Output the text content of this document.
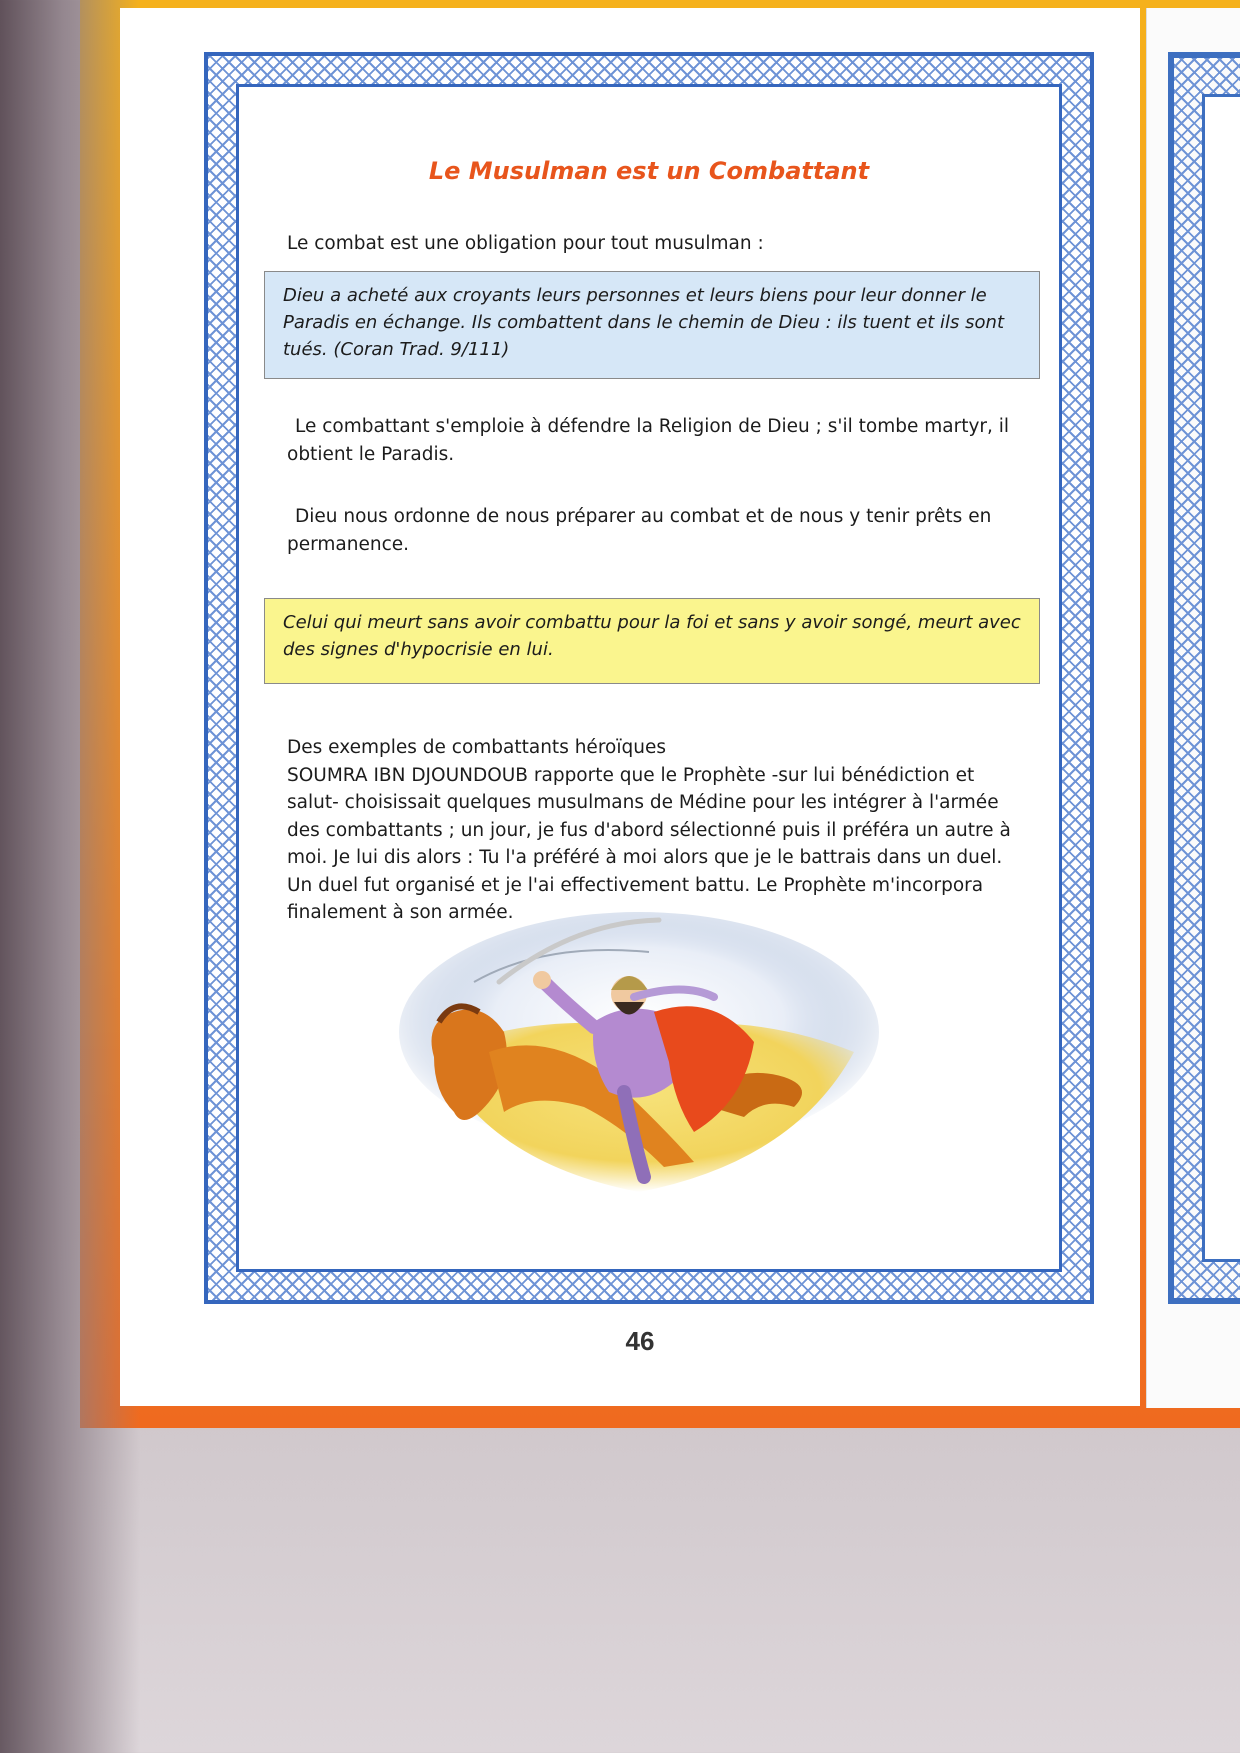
Le Musulman est un Combattant
Le combat est une obligation pour tout musulman :
Dieu a acheté aux croyants leurs personnes et leurs biens pour leur donner le Paradis en échange. Ils combattent dans le chemin de Dieu : ils tuent et ils sont tués. (Coran Trad. 9/111)
Le combattant s'emploie à défendre la Religion de Dieu ; s'il tombe martyr, il obtient le Paradis.
Dieu nous ordonne de nous préparer au combat et de nous y tenir prêts en permanence.
Celui qui meurt sans avoir combattu pour la foi et sans y avoir songé, meurt avec des signes d'hypocrisie en lui.
Des exemples de combattants héroïques
SOUMRA IBN DJOUNDOUB rapporte que le Prophète -sur lui bénédiction et salut- choisissait quelques musulmans de Médine pour les intégrer à l'armée des combattants ; un jour, je fus d'abord sélectionné puis il préféra un autre à moi. Je lui dis alors : Tu l'a préféré à moi alors que je le battrais dans un duel. Un duel fut organisé et je l'ai effectivement battu. Le Prophète m'incorpora finalement à son armée.
46
